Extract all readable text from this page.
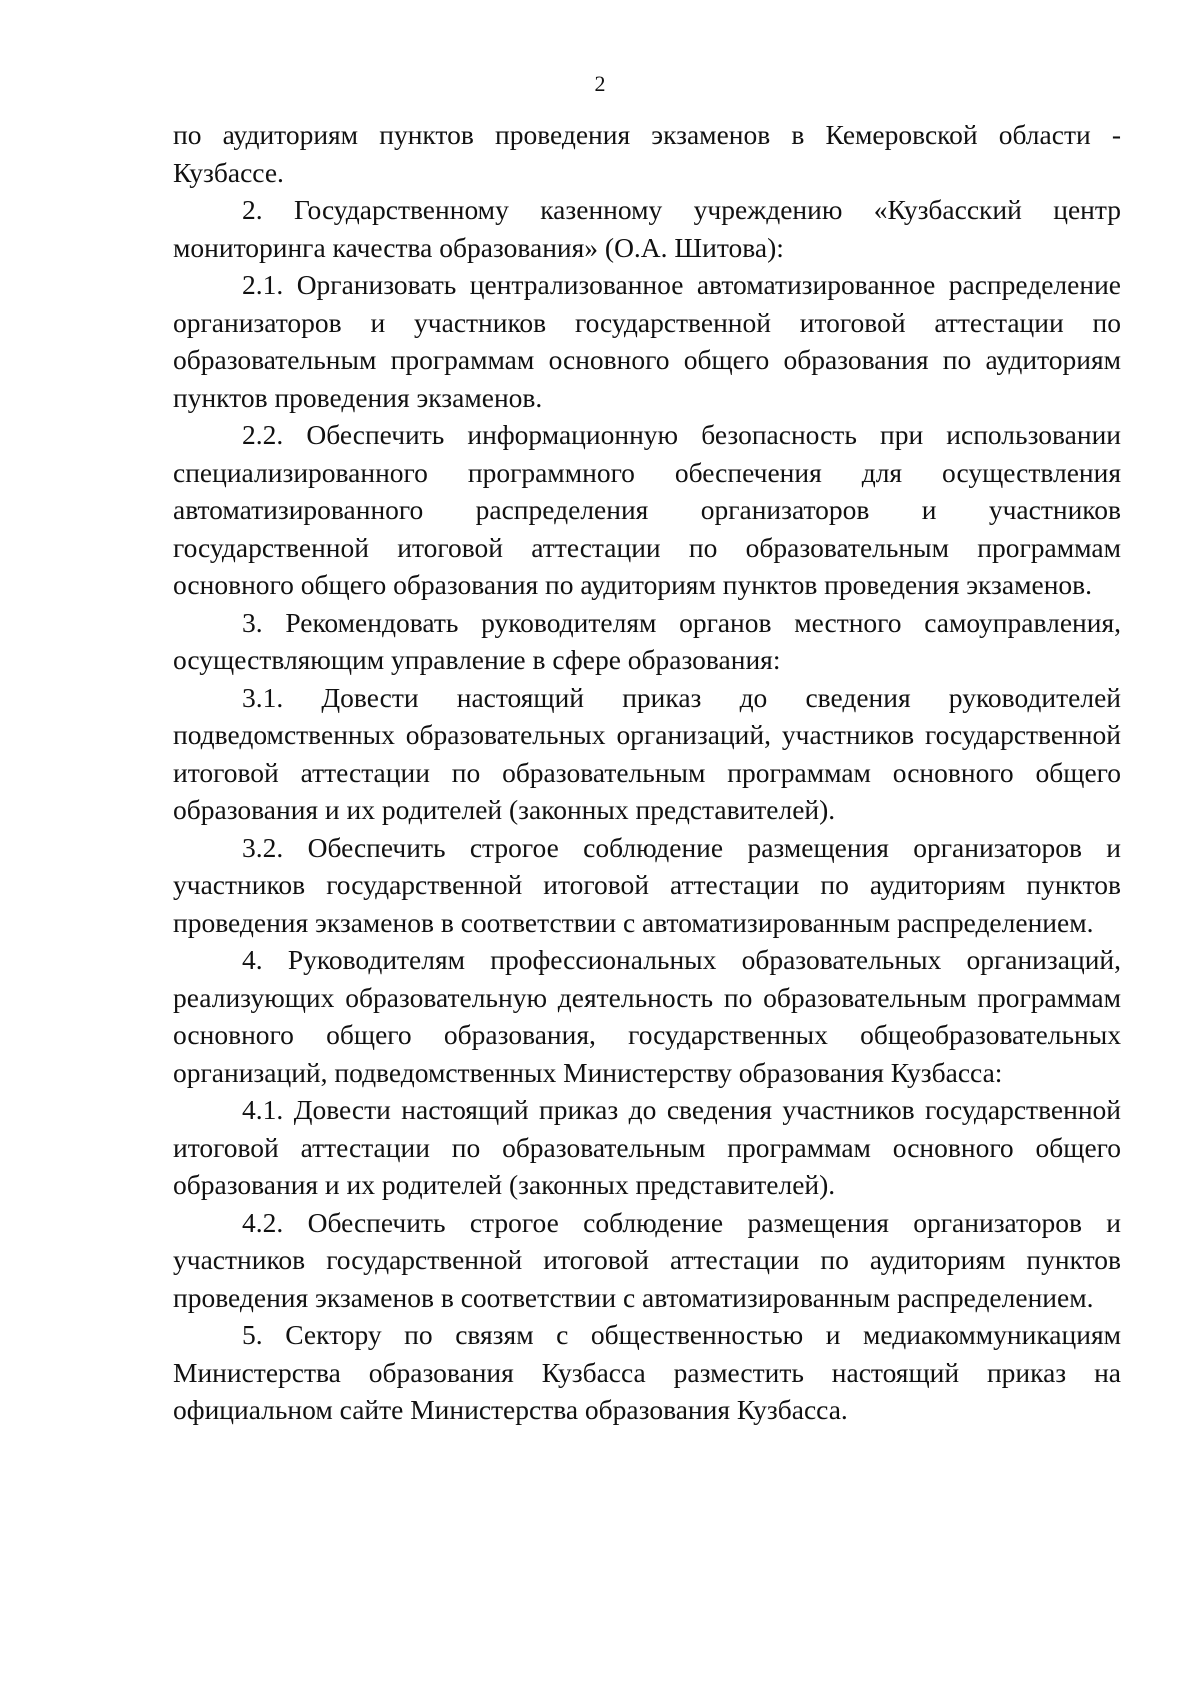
2

по аудиториям пунктов проведения экзаменов в Кемеровской области - Кузбассе.

2. Государственному казенному учреждению «Кузбасский центр мониторинга качества образования» (О.А. Шитова):

2.1. Организовать централизованное автоматизированное распределение организаторов и участников государственной итоговой аттестации по образовательным программам основного общего образования по аудиториям пунктов проведения экзаменов.

2.2. Обеспечить информационную безопасность при использовании специализированного программного обеспечения для осуществления автоматизированного распределения организаторов и участников государственной итоговой аттестации по образовательным программам основного общего образования по аудиториям пунктов проведения экзаменов.

3. Рекомендовать руководителям органов местного самоуправления, осуществляющим управление в сфере образования:

3.1. Довести настоящий приказ до сведения руководителей подведомственных образовательных организаций, участников государственной итоговой аттестации по образовательным программам основного общего образования и их родителей (законных представителей).

3.2. Обеспечить строгое соблюдение размещения организаторов и участников государственной итоговой аттестации по аудиториям пунктов проведения экзаменов в соответствии с автоматизированным распределением.

4. Руководителям профессиональных образовательных организаций, реализующих образовательную деятельность по образовательным программам основного общего образования, государственных общеобразовательных организаций, подведомственных Министерству образования Кузбасса:

4.1. Довести настоящий приказ до сведения участников государственной итоговой аттестации по образовательным программам основного общего образования и их родителей (законных представителей).

4.2. Обеспечить строгое соблюдение размещения организаторов и участников государственной итоговой аттестации по аудиториям пунктов проведения экзаменов в соответствии с автоматизированным распределением.

5. Сектору по связям с общественностью и медиакоммуникациям Министерства образования Кузбасса разместить настоящий приказ на официальном сайте Министерства образования Кузбасса.
